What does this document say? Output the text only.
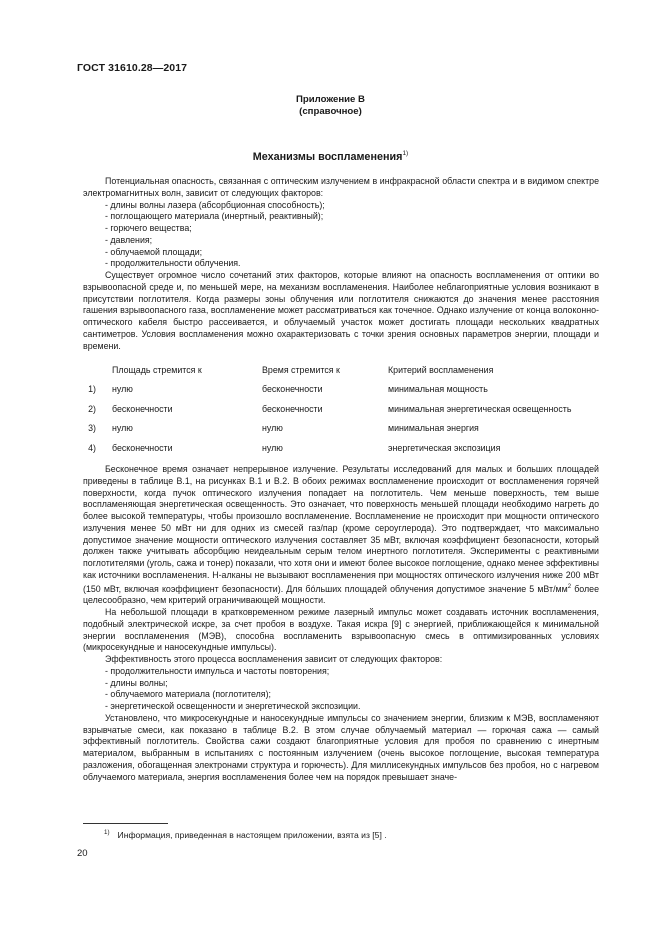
ГОСТ 31610.28—2017
Приложение В
(справочное)
Механизмы воспламенения$^{1)}$

Потенциальная опасность, связанная с оптическим излучением в инфракрасной области спектра и в видимом спектре электромагнитных волн, зависит от следующих факторов:

- длины волны лазера (абсорбционная способность);

- поглощающего материала (инертный, реактивный);

- горючего вещества;

- давления;

- облучаемой площади;

- продолжительности облучения.

Существует огромное число сочетаний этих факторов, которые влияют на опасность воспламенения от оптики во взрывоопасной среде и, по меньшей мере, на механизм воспламенения. Наиболее неблагоприятные условия возникают в присутствии поглотителя. Когда размеры зоны облучения или поглотителя снижаются до значения менее расстояния гашения взрывоопасного газа, воспламенение может рассматриваться как точечное. Однако излучение от конца волоконно-оптического кабеля быстро рассеивается, и облучаемый участок может достигать площади нескольких квадратных сантиметров. Условия воспламенения можно охарактеризовать с точки зрения основных параметров энергии, площади и времени.

Площадь стремится к	Время стремится к	Критерий воспламенения
1) нулю	бесконечности	минимальная мощность
2) бесконечности	бесконечности	минимальная энергетическая освещенность
3) нулю	нулю	минимальная энергия
4) бесконечности	нулю	энергетическая экспозиция

Бесконечное время означает непрерывное излучение. Результаты исследований для малых и больших площадей приведены в таблице В.1, на рисунках В.1 и В.2. В обоих режимах воспламенение происходит от воспламенения горячей поверхности, когда пучок оптического излучения попадает на поглотитель. Чем меньше поверхность, тем выше воспламеняющая энергетическая освещенность. Это означает, что поверхность меньшей площади необходимо нагреть до более высокой температуры, чтобы произошло воспламенение. Воспламенение не происходит при мощности оптического излучения менее 50 мВт ни для одних из смесей газ/пар (кроме сероуглерода). Это подтверждает, что максимально допустимое значение мощности оптического излучения составляет 35 мВт, включая коэффициент безопасности, который должен также учитывать абсорбцию неидеальным серым телом инертного поглотителя. Эксперименты с реактивными поглотителями (уголь, сажа и тонер) показали, что хотя они и имеют более высокое поглощение, однако менее эффективны как источники воспламенения. Н-алканы не вызывают воспламенения при мощностях оптического излучения ниже 200 мВт (150 мВт, включая коэффициент безопасности). Для бóльших площадей облучения допустимое значение 5 мВт/$мм^2$ более целесообразно, чем критерий ограничивающей мощности.

На небольшой площади в кратковременном режиме лазерный импульс может создавать источник воспламенения, подобный электрической искре, за счет пробоя в воздухе. Такая искра [9] с энергией, приближающейся к минимальной энергии воспламенения (МЭВ), способна воспламенить взрывоопасную смесь в оптимизированных условиях (микросекундные и наносекундные импульсы).

Эффективность этого процесса воспламенения зависит от следующих факторов:

- продолжительности импульса и частоты повторения;

- длины волны;

- облучаемого материала (поглотителя);

- энергетической освещенности и энергетической экспозиции.

Установлено, что микросекундные и наносекундные импульсы со значением энергии, близким к МЭВ, воспламеняют взрывчатые смеси, как показано в таблице В.2. В этом случае облучаемый материал — горючая сажа — самый эффективный поглотитель. Свойства сажи создают благоприятные условия для пробоя по сравнению с инертным материалом, выбранным в испытаниях с постоянным излучением (очень высокое поглощение, высокая температура разложения, обогащенная электронами структура и горючесть). Для миллисекундных импульсов без пробоя, но с нагревом облучаемого материала, энергия воспламенения более чем на порядок превышает значе-

$^{1)}$ Информация, приведенная в настоящем приложении, взята из [5] .
20
